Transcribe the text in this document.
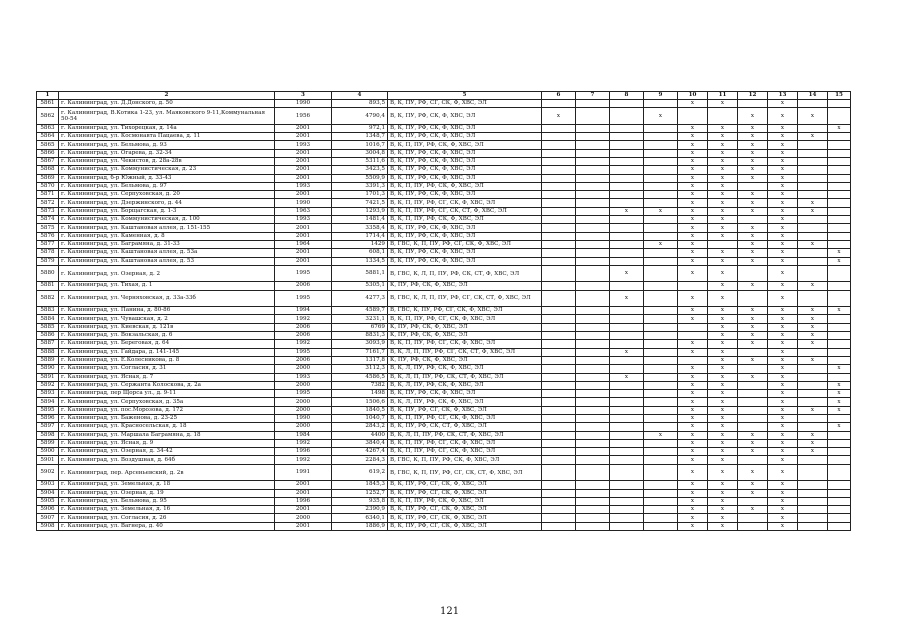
1	2	3	4	5	6	7	8	9	10	11	12	13	14	15
5861	г. Калининград, ул. Д.Донского, д. 50	1990	893,5	В, К, ПУ, РФ, СГ, СК, Ф, ХВС, ЭЛ					x	x		x		
5862	г. Калининград, В.Котика 1-23, ул. Маяковского 9-11,Коммунальная 50-54	1956	4790,4	В, К, ПУ, РФ, СК, Ф, ХВС, ЭЛ	x			x			x	x	x	
5863	г. Калининград, ул. Тихорецкая, д. 14а	2001	972,1	В, К, ПУ, РФ, СК, Ф, ХВС, ЭЛ					x	x	x	x		x
5864	г. Калининград, ул. Космонавта Пацаева, д. 11	2001	1348,7	В, К, ПУ, РФ, СК, Ф, ХВС, ЭЛ					x	x	x	x	x	
5865	г. Калининград, ул. Бельмова, д. 93	1993	1016,7	В, К, П, ПУ, РФ, СК, Ф, ХВС, ЭЛ					x	x	x	x		
5866	г. Калининград, ул. Огарева, д. 32-34	2001	3004,8	В, К, ПУ, РФ, СК, Ф, ХВС, ЭЛ					x	x	x	x		
5867	г. Калининград, ул. Чекистов, д. 28а-28в	2001	5311,6	В, К, ПУ, РФ, СК, Ф, ХВС, ЭЛ					x	x	x	x		
5868	г. Калининград, ул. Коммунистическая, д. 23	2001	3423,5	В, К, ПУ, РФ, СК, Ф, ХВС, ЭЛ					x	x	x	x		
5869	г. Калининград, б-р Южный, д. 33-43	2001	5509,9	В, К, ПУ, РФ, СК, Ф, ХВС, ЭЛ					x	x	x	x		
5870	г. Калининград, ул. Бельмова, д. 97	1993	3391,3	В, К, П, ПУ, РФ, СК, Ф, ХВС, ЭЛ					x	x		x		
5871	г. Калининград, ул. Серпуховская, д. 20	2001	1701,3	В, К, ПУ, РФ, СК, Ф, ХВС, ЭЛ					x	x	x	x		
5872	г. Калининград, ул. Дзержинского, д. 44	1990	7421,5	В, К, П, ПУ, РФ, СГ, СК, Ф, ХВС, ЭЛ					x	x	x	x	x	
5873	г. Калининград, ул. Борщагская, д. 1-3	1963	1293,9	В, К, П, ПУ, РФ, СГ, СК, СТ, Ф, ХВС, ЭЛ			x	x	x	x	x	x	x	
5874	г. Калининград, ул. Коммунистическая, д. 100	1993	1481,4	В, К, П, ПУ, РФ, СК, Ф, ХВС, ЭЛ					x	x		x		
5875	г. Калининград, ул. Каштановая аллея, д. 151-155	2001	3358,4	В, К, ПУ, РФ, СК, Ф, ХВС, ЭЛ					x	x	x	x		
5876	г. Калининград, ул. Каменная, д. 8	2001	1714,4	В, К, ПУ, РФ, СК, Ф, ХВС, ЭЛ					x	x	x	x		
5877	г. Калининград, ул. Баграмяна, д. 31-33	1964	1429	В, ГВС, К, П, ПУ, РФ, СГ, СК, Ф, ХВС, ЭЛ				x	x		x	x	x	
5878	г. Калининград, ул. Каштановая аллея, д. 53а	2001	608,1	В, К, ПУ, РФ, СК, Ф, ХВС, ЭЛ					x	x	x	x		x
5879	г. Калининград, ул. Каштановая аллея, д. 53	2001	1334,5	В, К, ПУ, РФ, СК, Ф, ХВС, ЭЛ					x	x	x	x		x
5880	г. Калининград, ул. Озерная, д. 2	1995	5881,1	В, ГВС, К, Л, П, ПУ, РФ, СК, СТ, Ф, ХВС, ЭЛ			x		x	x		x		
5881	г. Калининград, ул. Тихая, д. 1	2006	5305,1	К, ПУ, РФ, СК, Ф, ХВС, ЭЛ						x	x	x	x	
5882	г. Калининград, ул. Черняховская, д. 33а-33б	1995	4277,3	В, ГВС, К, Л, П, ПУ, РФ, СГ, СК, СТ, Ф, ХВС, ЭЛ			x		x	x		x		
5883	г. Калининград, ул. Панина, д. 80-86	1994	4589,7	В, ГВС, К, ПУ, РФ, СГ, СК, Ф, ХВС, ЭЛ					x	x	x	x	x	x
5884	г. Калининград, ул. Чувашская, д. 2	1992	3231,1	В, К, П, ПУ, РФ, СГ, СК, Ф, ХВС, ЭЛ					x	x	x	x	x	
5885	г. Калининград, ул. Киевская, д. 121в	2006	6769	К, ПУ, РФ, СК, Ф, ХВС, ЭЛ						x	x	x	x	
5886	г. Калининград, ул. Вокзальская, д. 6	2006	8831,3	К, ПУ, РФ, СК, Ф, ХВС, ЭЛ						x	x	x	x	
5887	г. Калининград, ул. Береговая, д. 64	1992	3093,9	В, К, П, ПУ, РФ, СГ, СК, Ф, ХВС, ЭЛ					x	x	x	x	x	
5888	г. Калининград, ул. Гайдара, д. 141-145	1995	7161,7	В, К, Л, П, ПУ, РФ, СГ, СК, СТ, Ф, ХВС, ЭЛ			x		x	x		x		
5889	г. Калининград, ул. Е.Колесникова, д. 8	2006	1317,8	К, ПУ, РФ, СК, Ф, ХВС, ЭЛ						x	x	x	x	
5890	г. Калининград, ул. Согласия, д. 31	2000	3112,3	В, К, Л, ПУ, РФ, СК, Ф, ХВС, ЭЛ					x	x		x		x
5891	г. Калининград, ул. Ясная, д. 7	1993	4586,5	В, К, Л, П, ПУ, РФ, СК, СТ, Ф, ХВС, ЭЛ			x		x	x	x	x		
5892	г. Калининград, ул. Сержанта Колоскова, д. 2а	2000	7382	В, К, Л, ПУ, РФ, СК, Ф, ХВС, ЭЛ					x	x		x		x
5893	г. Калининград, пер Щорса ул., д. 9-11	1995	1498	В, К, ПУ, РФ, СК, Ф, ХВС, ЭЛ					x	x		x		x
5894	г. Калининград, ул. Серпуховская, д. 35а	2000	1506,6	В, К, Л, ПУ, РФ, СК, Ф, ХВС, ЭЛ					x	x		x		x
5895	г. Калининград, ул. пос.Морозова, д. 172	2000	1840,5	В, К, ПУ, РФ, СГ, СК, Ф, ХВС, ЭЛ					x	x		x	x	x
5896	г. Калининград, ул. Баженова, д. 23-25	1990	1040,7	В, К, П, ПУ, РФ, СГ, СК, Ф, ХВС, ЭЛ					x	x		x		
5897	г. Калининград, ул. Красносельская, д. 18	2000	2843,2	В, К, ПУ, РФ, СК, СТ, Ф, ХВС, ЭЛ					x	x		x		x
5898	г. Калининград, ул. Маршала Баграмяна, д. 18	1984	4400	В, К, Л, П, ПУ, РФ, СК, СТ, Ф, ХВС, ЭЛ				x	x	x	x	x	x	
5899	г. Калининград, ул. Ясная, д. 9	1992	3840,4	В, К, П, ПУ, РФ, СГ, СК, Ф, ХВС, ЭЛ					x	x	x	x	x	
5900	г. Калининград, ул. Озерная, д. 34-42	1996	4267,4	В, К, П, ПУ, РФ, СГ, СК, Ф, ХВС, ЭЛ					x	x	x	x	x	
5901	г. Калининград, ул. Воздушная, д. 64б	1992	2284,3	В, ГВС, К, П, ПУ, РФ, СК, Ф, ХВС, ЭЛ					x	x		x		
5902	г. Калининград, пер. Арсеньевский, д. 2в	1991	619,2	В, ГВС, К, П, ПУ, РФ, СГ, СК, СТ, Ф, ХВС, ЭЛ					x	x	x	x		
5903	г. Калининград, ул. Земельная, д. 18	2001	1845,3	В, К, ПУ, РФ, СГ, СК, Ф, ХВС, ЭЛ					x	x	x	x		
5904	г. Калининград, ул. Озерная, д. 19	2001	1252,7	В, К, ПУ, РФ, СГ, СК, Ф, ХВС, ЭЛ					x	x	x	x		
5905	г. Калининград, ул. Бельмова, д. 95	1996	935,8	В, К, П, ПУ, РФ, СК, Ф, ХВС, ЭЛ					x	x		x		
5906	г. Калининград, ул. Земельная, д. 16	2001	2390,9	В, К, ПУ, РФ, СГ, СК, Ф, ХВС, ЭЛ					x	x	x	x		
5907	г. Калининград, ул. Согласия, д. 26	2000	6340,1	В, К, ПУ, РФ, СГ, СК, Ф, ХВС, ЭЛ					x	x		x		
5908	г. Калининград, ул. Вагнера, д. 40	2001	1886,9	В, К, ПУ, РФ, СГ, СК, Ф, ХВС, ЭЛ					x	x		x		
121
